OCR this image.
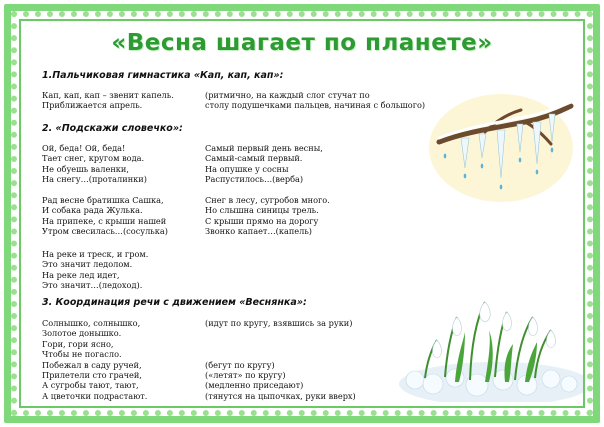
«Весна шагает по планете»
1.Пальчиковая гимнастика «Кап, кап, кап»:
Кап, кап, кап – звенит капель.
Приближается апрель.
(ритмично, на каждый слог стучат по
столу подушечками пальцев, начиная с большого)
2. «Подскажи словечко»:
Ой, беда! Ой, беда!
Тает снег, кругом вода.
Не обуешь валенки,
На снегу…(проталинки)
Самый первый день весны,
Самый-самый первый.
На опушке у сосны
Распустилось…(верба)
Рад весне братишка Сашка,
И собака рада Жулька.
На припеке, с крыши нашей
Утром свесилась…(сосулька)
Снег в лесу, сугробов много.
Но слышна синицы трель.
С крыши прямо на дорогу
Звонко капает…(капель)
На реке и треск, и гром.
Это значит ледолом.
На реке лед идет,
Это значит…(ледоход).
3. Координация речи с движением «Веснянка»:
Солнышко, солнышко,
Золотое донышко.
Гори, гори ясно,
Чтобы не погасло.
Побежал в саду ручей,
Прилетели сто грачей,
А сугробы тают, тают,
А цветочки подрастают.
(идут по кругу, взявшись за руки)

(бегут по кругу)
(«летят» по кругу)
(медленно приседают)
(тянутся на цыпочках, руки вверх)
